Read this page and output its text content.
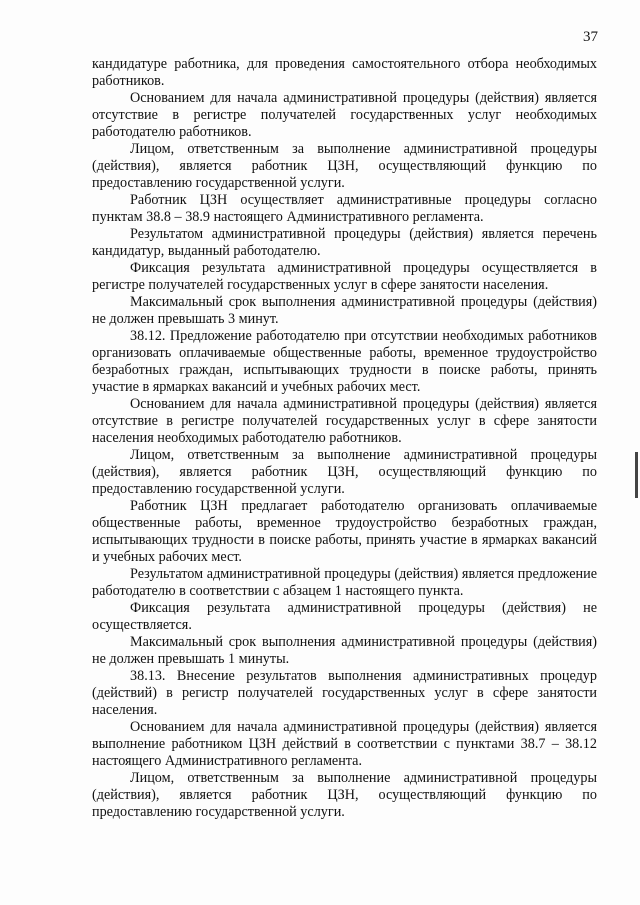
37

кандидатуре работника, для проведения самостоятельного отбора необходимых работников.

Основанием для начала административной процедуры (действия) является отсутствие в регистре получателей государственных услуг необходимых работодателю работников.

Лицом, ответственным за выполнение административной процедуры (действия), является работник ЦЗН, осуществляющий функцию по предоставлению государственной услуги.

Работник ЦЗН осуществляет административные процедуры согласно пунктам 38.8 – 38.9 настоящего Административного регламента.

Результатом административной процедуры (действия) является перечень кандидатур, выданный работодателю.

Фиксация результата административной процедуры осуществляется в регистре получателей государственных услуг в сфере занятости населения.

Максимальный срок выполнения административной процедуры (действия) не должен превышать 3 минут.

38.12. Предложение работодателю при отсутствии необходимых работников организовать оплачиваемые общественные работы, временное трудоустройство безработных граждан, испытывающих трудности в поиске работы, принять участие в ярмарках вакансий и учебных рабочих мест.

Основанием для начала административной процедуры (действия) является отсутствие в регистре получателей государственных услуг в сфере занятости населения необходимых работодателю работников.

Лицом, ответственным за выполнение административной процедуры (действия), является работник ЦЗН, осуществляющий функцию по предоставлению государственной услуги.

Работник ЦЗН предлагает работодателю организовать оплачиваемые общественные работы, временное трудоустройство безработных граждан, испытывающих трудности в поиске работы, принять участие в ярмарках вакансий и учебных рабочих мест.

Результатом административной процедуры (действия) является предложение работодателю в соответствии с абзацем 1 настоящего пункта.

Фиксация результата административной процедуры (действия) не осуществляется.

Максимальный срок выполнения административной процедуры (действия) не должен превышать 1 минуты.

38.13. Внесение результатов выполнения административных процедур (действий) в регистр получателей государственных услуг в сфере занятости населения.

Основанием для начала административной процедуры (действия) является выполнение работником ЦЗН действий в соответствии с пунктами 38.7 – 38.12 настоящего Административного регламента.

Лицом, ответственным за выполнение административной процедуры (действия), является работник ЦЗН, осуществляющий функцию по предоставлению государственной услуги.
